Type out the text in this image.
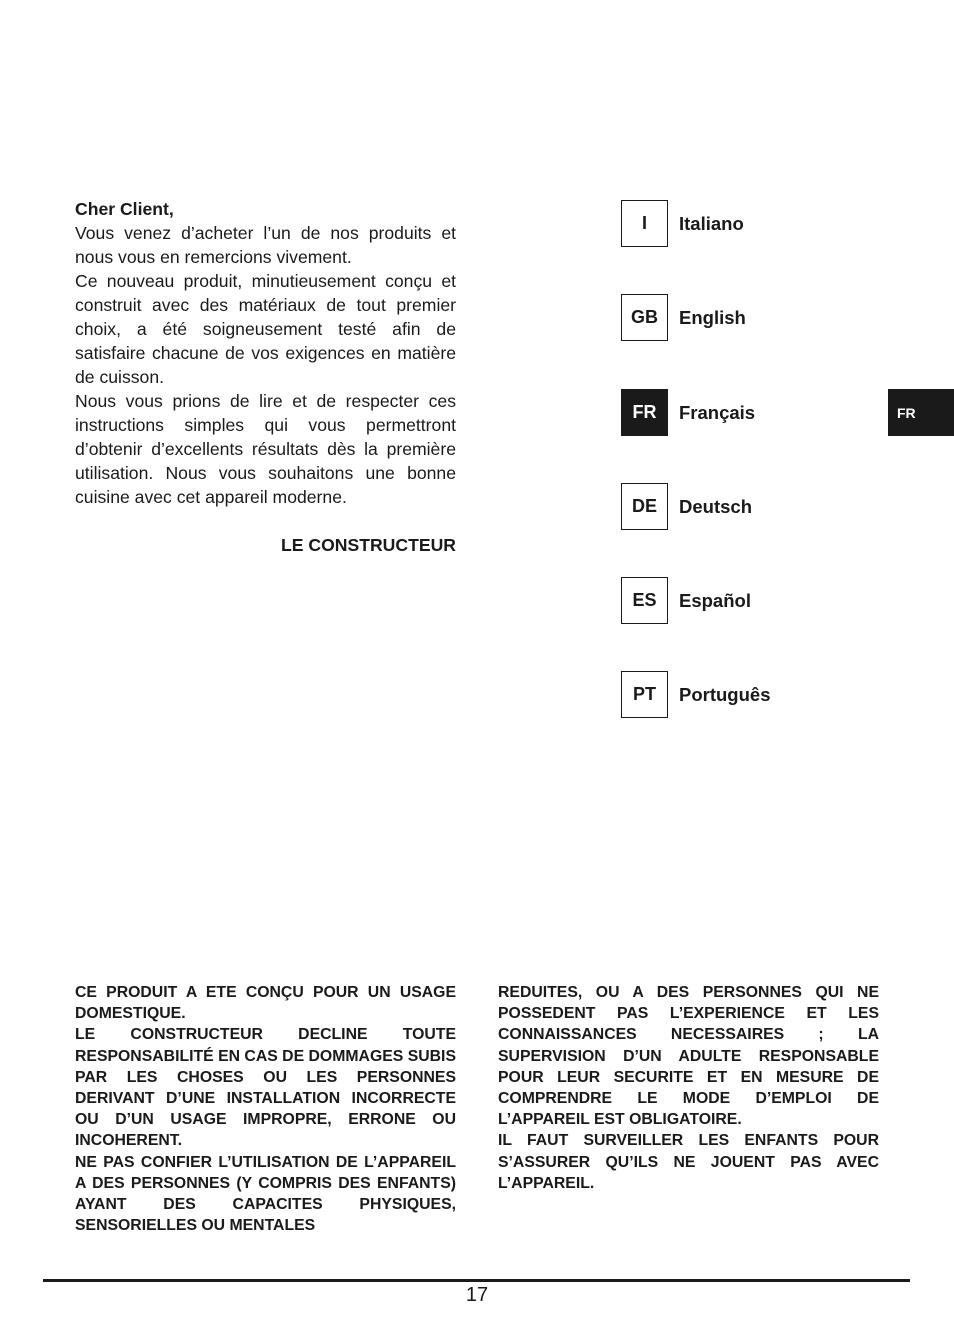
Cher Client,

Vous venez d’acheter l’un de nos produits et nous vous en remercions vivement.

Ce nouveau produit, minutieusement conçu et construit avec des matériaux de tout premier choix, a été soigneusement testé afin de satisfaire chacune de vos exigences en matière de cuisson.

Nous vous prions de lire et de respecter ces instructions simples qui vous permettront d’obtenir d’excellents résultats dès la première utilisation. Nous vous souhaitons une bonne cuisine avec cet appareil moderne.

LE CONSTRUCTEUR

I	Italiano
GB	English
FR	Français
DE	Deutsch
ES	Español
PT	Português
FR

CE PRODUIT A ETE CONÇU POUR UN USAGE DOMESTIQUE.

LE CONSTRUCTEUR DECLINE TOUTE RESPONSABILITÉ EN CAS DE DOMMAGES SUBIS PAR LES CHOSES OU LES PERSONNES DERIVANT D’UNE INSTALLATION INCORRECTE OU D’UN USAGE IMPROPRE, ERRONE OU INCOHERENT.

NE PAS CONFIER L’UTILISATION DE L’APPAREIL A DES PERSONNES (Y COMPRIS DES ENFANTS) AYANT DES CAPACITES PHYSIQUES, SENSORIELLES OU MENTALES

REDUITES, OU A DES PERSONNES QUI NE POSSEDENT PAS L’EXPERIENCE ET LES CONNAISSANCES NECESSAIRES ; LA SUPERVISION D’UN ADULTE RESPONSABLE POUR LEUR SECURITE ET EN MESURE DE COMPRENDRE LE MODE D’EMPLOI DE L’APPAREIL EST OBLIGATOIRE.

IL FAUT SURVEILLER LES ENFANTS POUR S’ASSURER QU’ILS NE JOUENT PAS AVEC L’APPAREIL.

17
